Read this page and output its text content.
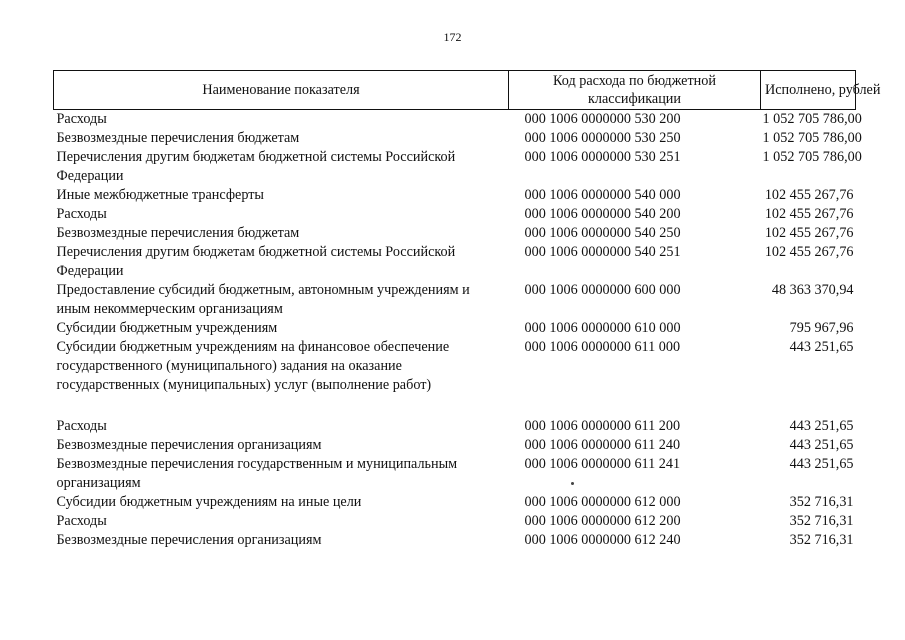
172
Наименование показателя	Код расхода по бюджетной классификации	Исполнено, рублей
Расходы	000 1006 0000000 530 200	1 052 705 786,00
Безвозмездные перечисления бюджетам	000 1006 0000000 530 250	1 052 705 786,00
Перечисления другим бюджетам бюджетной системы Российской Федерации	000 1006 0000000 530 251	1 052 705 786,00
Иные межбюджетные трансферты	000 1006 0000000 540 000	102 455 267,76
Расходы	000 1006 0000000 540 200	102 455 267,76
Безвозмездные перечисления бюджетам	000 1006 0000000 540 250	102 455 267,76
Перечисления другим бюджетам бюджетной системы Российской Федерации	000 1006 0000000 540 251	102 455 267,76
Предоставление субсидий бюджетным, автономным учреждениям и иным некоммерческим организациям	000 1006 0000000 600 000	48 363 370,94
Субсидии бюджетным учреждениям	000 1006 0000000 610 000	795 967,96
Субсидии бюджетным учреждениям на финансовое обеспечение государственного (муниципального) задания на оказание государственных (муниципальных) услуг (выполнение работ)	000 1006 0000000 611 000	443 251,65
Расходы	000 1006 0000000 611 200	443 251,65
Безвозмездные перечисления организациям	000 1006 0000000 611 240	443 251,65
Безвозмездные перечисления государственным и муниципальным организациям	000 1006 0000000 611 241	443 251,65
Субсидии бюджетным учреждениям на иные цели	000 1006 0000000 612 000	352 716,31
Расходы	000 1006 0000000 612 200	352 716,31
Безвозмездные перечисления организациям	000 1006 0000000 612 240	352 716,31
